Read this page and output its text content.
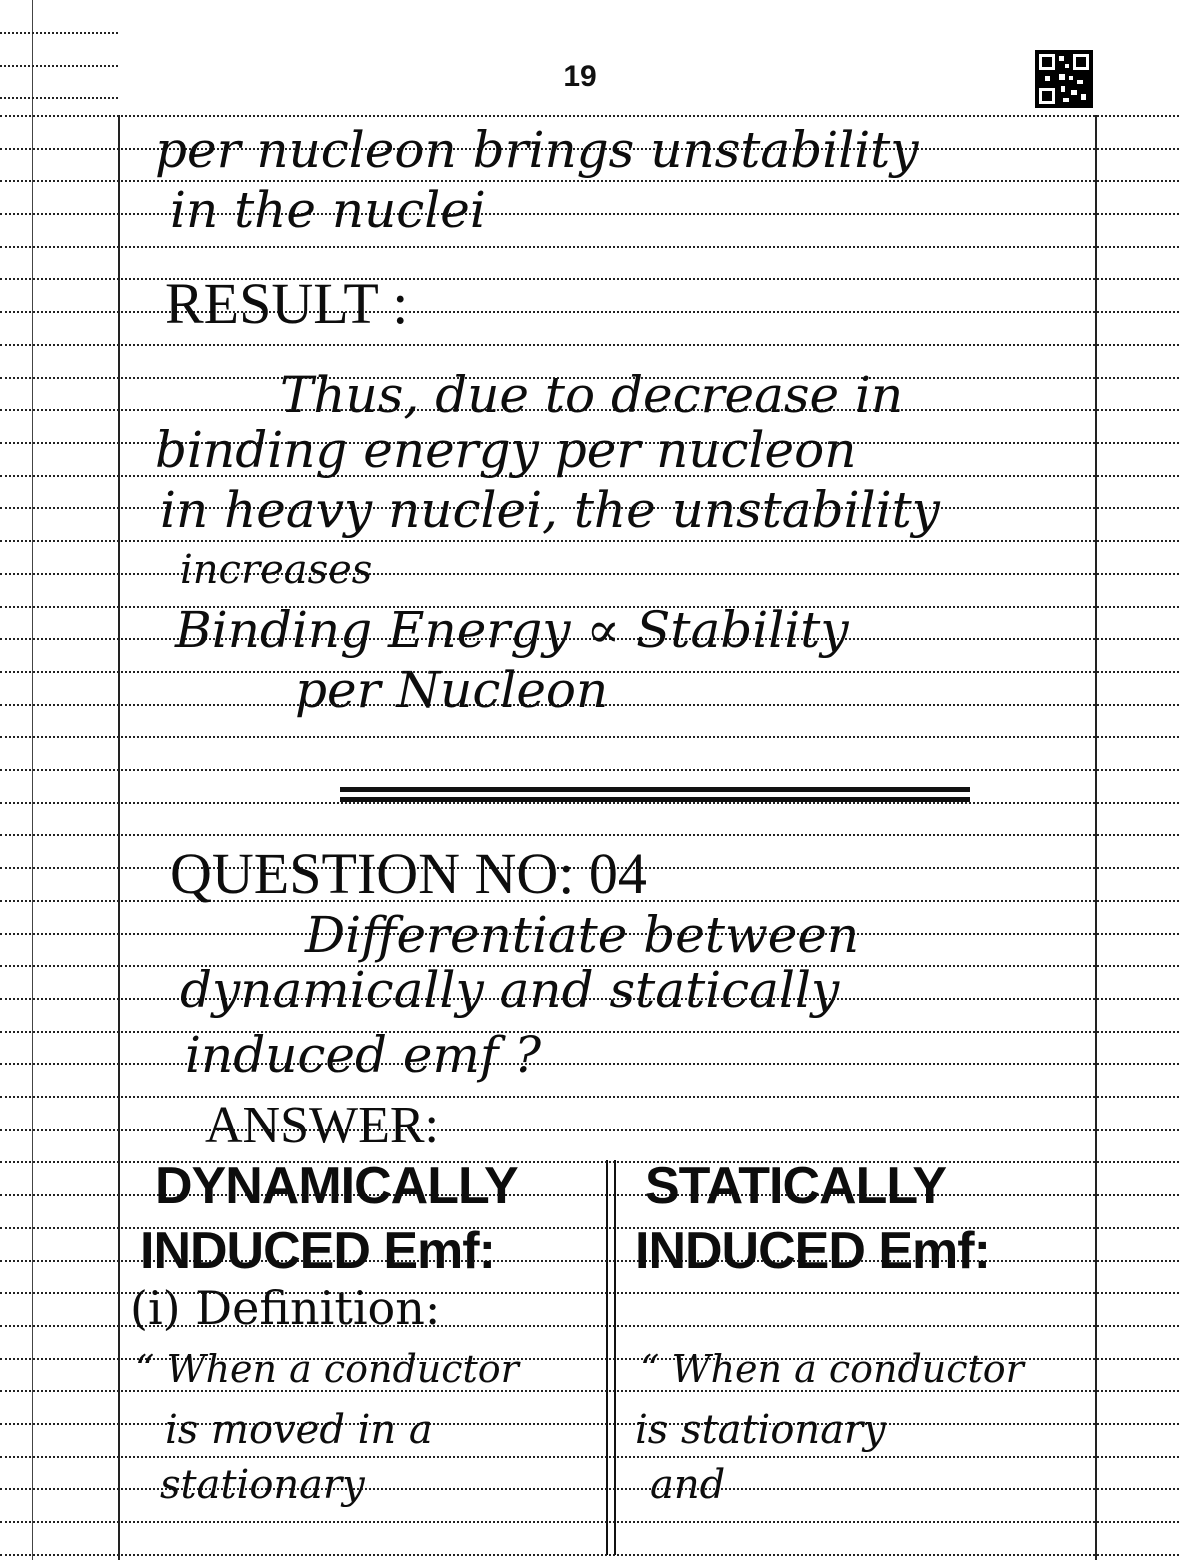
19
per nucleon brings unstability
in the nuclei
RESULT :
Thus, due to decrease in
binding energy per nucleon
in heavy nuclei, the unstability
increases
Binding Energy ∝ Stability
per Nucleon
QUESTION NO: 04
Differentiate between
dynamically and statically
induced emf ?
ANSWER:
DYNAMICALLY
INDUCED Emf:
(i) Definition:
“ When a conductor
is moved in a
stationary
STATICALLY
INDUCED Emf:
“ When a conductor
is stationary
and
